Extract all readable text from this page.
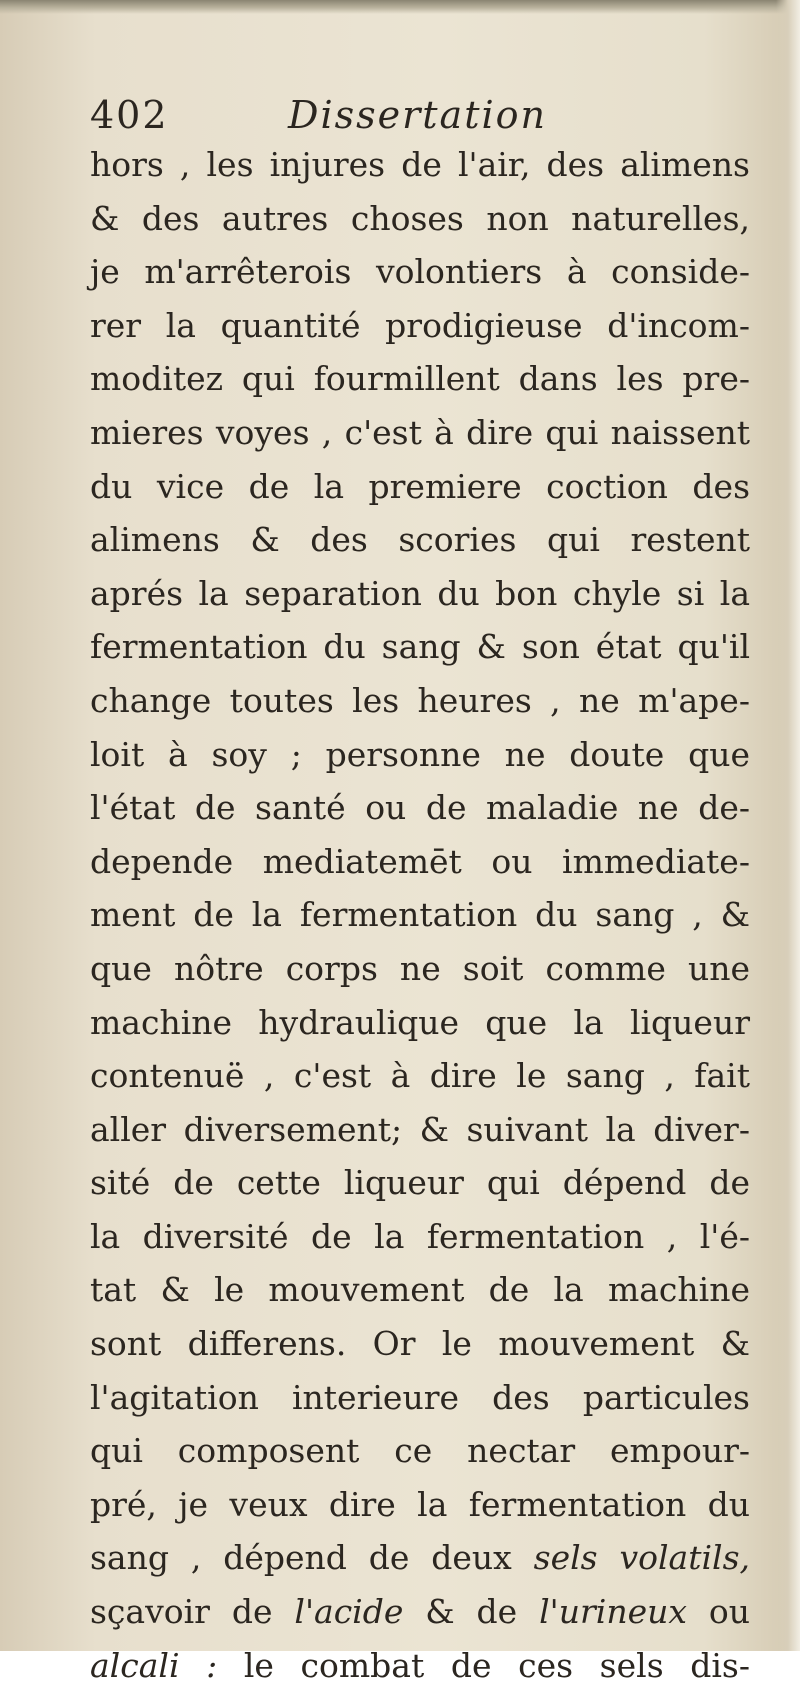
402	Dissertation
hors , les injures de l'air, des alimens
& des autres choses non naturelles,
je m'arrêterois volontiers à conside-
rer la quantité prodigieuse d'incom-
moditez qui fourmillent dans les pre-
mieres voyes , c'est à dire qui naissent
du vice de la premiere coction des
alimens & des scories qui restent
aprés la separation du bon chyle si la
fermentation du sang & son état qu'il
change toutes les heures , ne m'ape-
loit à soy ; personne ne doute que
l'état de santé ou de maladie ne de-
depende mediatemēt ou immediate-
ment de la fermentation du sang , &
que nôtre corps ne soit comme une
machine hydraulique que la liqueur
contenuë , c'est à dire le sang , fait
aller diversement; & suivant la diver-
sité de cette liqueur qui dépend de
la diversité de la fermentation , l'é-
tat & le mouvement de la machine
sont differens. Or le mouvement &
l'agitation interieure des particules
qui composent ce nectar empour-
pré, je veux dire la fermentation du
sang , dépend de deux sels volatils,
sçavoir de l'acide & de l'urineux ou
alcali : le combat de ces sels dis-
